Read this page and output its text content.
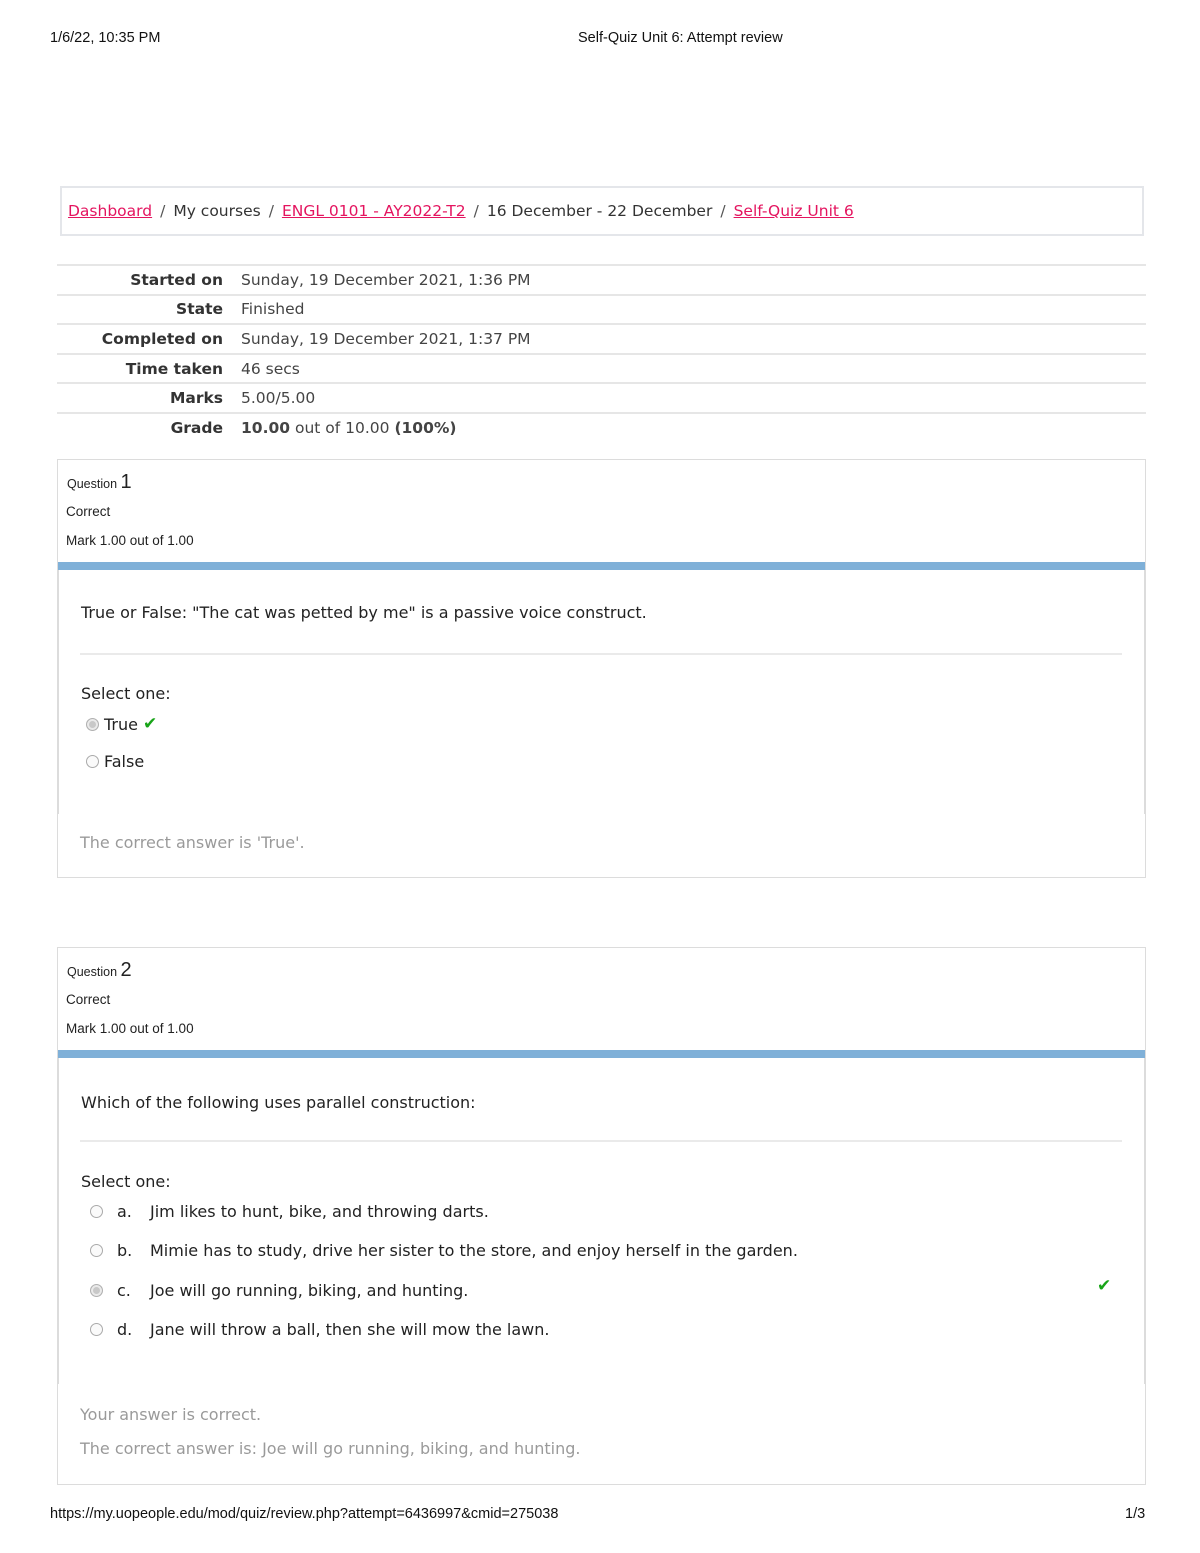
1/6/22, 10:35 PM	Self-Quiz Unit 6: Attempt review
Dashboard / My courses / ENGL 0101 - AY2022-T2 / 16 December - 22 December / Self-Quiz Unit 6
Started on	Sunday, 19 December 2021, 1:36 PM
State	Finished
Completed on	Sunday, 19 December 2021, 1:37 PM
Time taken	46 secs
Marks	5.00/5.00
Grade	10.00 out of 10.00 (100%)
Question 1
Correct
Mark 1.00 out of 1.00
True or False: "The cat was petted by me" is a passive voice construct.
Select one:
True ✔
False
The correct answer is 'True'.
Question 2
Correct
Mark 1.00 out of 1.00
Which of the following uses parallel construction:
Select one:
a.	Jim likes to hunt, bike, and throwing darts.
b.	Mimie has to study, drive her sister to the store, and enjoy herself in the garden.
c.	Joe will go running, biking, and hunting.	✔
d.	Jane will throw a ball, then she will mow the lawn.
Your answer is correct.
The correct answer is: Joe will go running, biking, and hunting.
https://my.uopeople.edu/mod/quiz/review.php?attempt=6436997&cmid=275038	1/3
